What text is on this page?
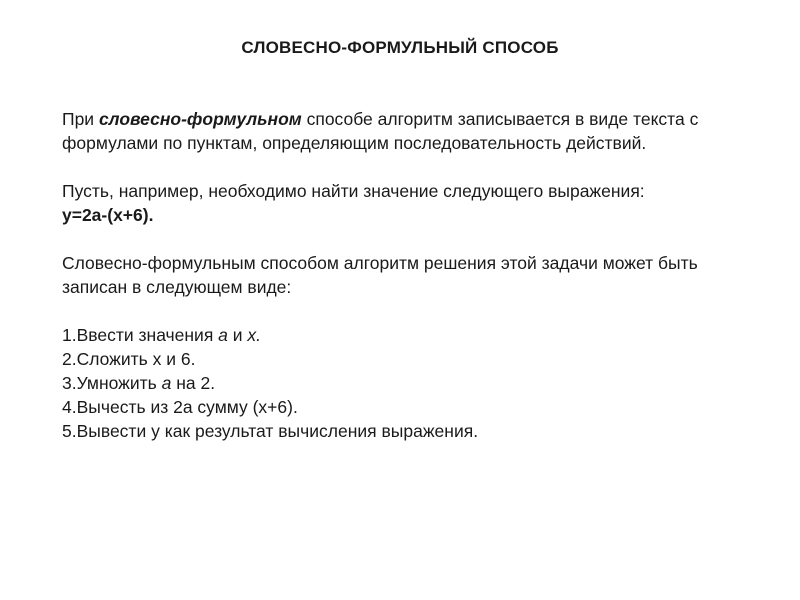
СЛОВЕСНО-ФОРМУЛЬНЫЙ СПОСОБ

При словесно-формульном способе алгоритм записывается в виде текста с формулами по пунктам, определяющим последовательность действий.

Пусть, например, необходимо найти значение следующего выражения:

y=2a-(x+6).

Словесно-формульным способом алгоритм решения этой задачи может быть записан в следующем виде:

1.Ввести значения а и х.

2.Сложить х и 6.

3.Умножить a на 2.

4.Вычесть из 2a сумму (х+6).

5.Вывести y как результат вычисления выражения.
